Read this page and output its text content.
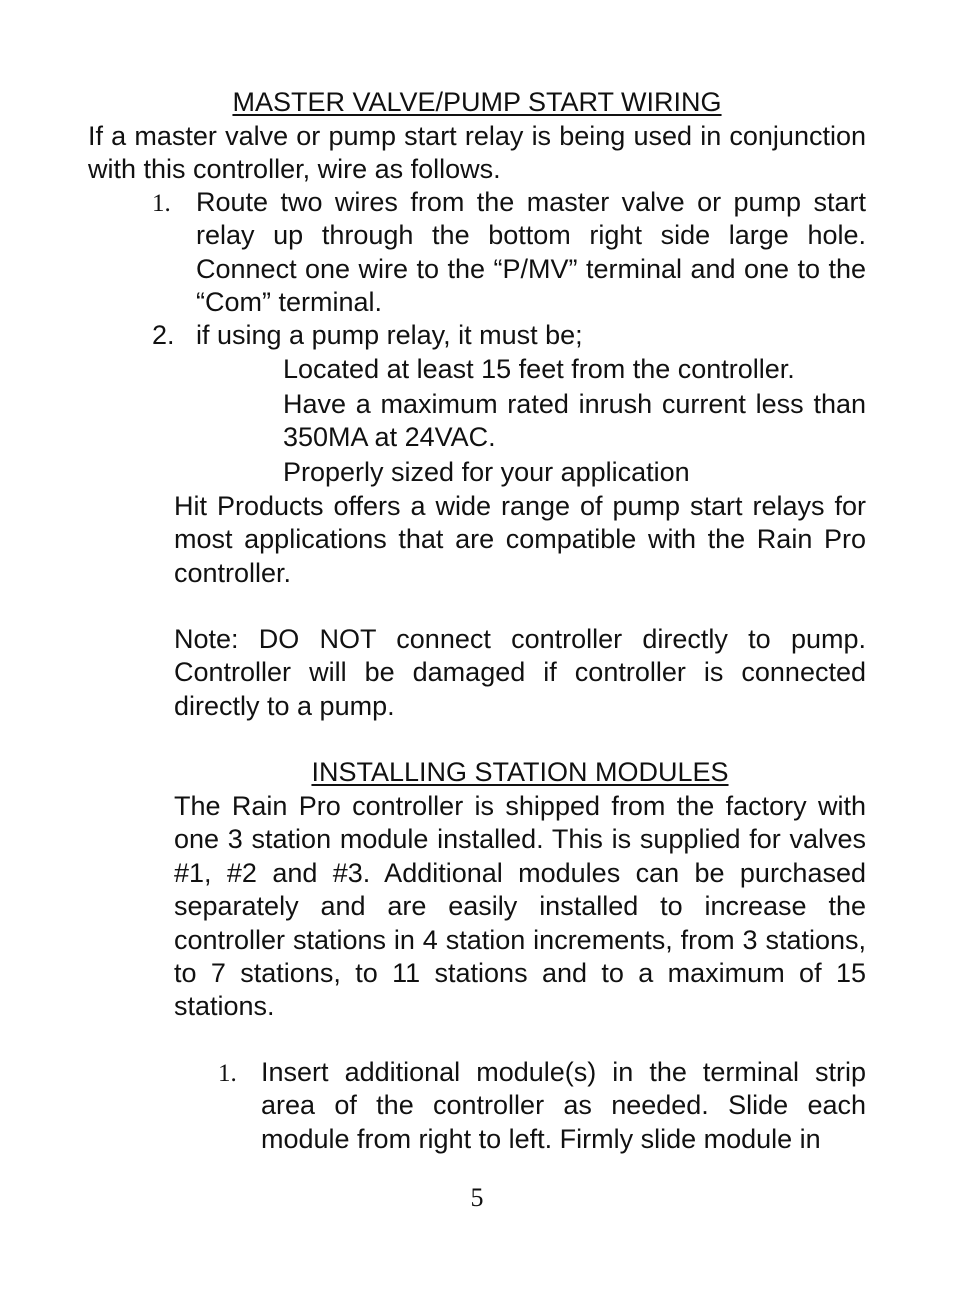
MASTER VALVE/PUMP START WIRING
If a master valve or pump start relay is being used in conjunction with this controller, wire as follows.
1. Route two wires from the master valve or pump start relay up through the bottom right side large hole. Connect one wire to the “P/MV” terminal and one to the “Com” terminal.
2. if using a pump relay, it must be;
Located at least 15 feet from the controller.
Have a maximum rated inrush current less than 350MA at 24VAC.
Properly sized for your application
Hit Products offers a wide range of pump start relays for most applications that are compatible with the Rain Pro controller.
Note: DO NOT connect controller directly to pump. Controller will be damaged if controller is connected directly to a pump.
INSTALLING STATION MODULES
The Rain Pro controller is shipped from the factory with one 3 station module installed. This is supplied for valves #1, #2 and #3. Additional modules can be purchased separately and are easily installed to increase the controller stations in 4 station increments, from 3 stations, to 7 stations, to 11 stations and to a maximum of 15 stations.
1. Insert additional module(s) in the terminal strip area of the controller as needed. Slide each module from right to left. Firmly slide module in
5
